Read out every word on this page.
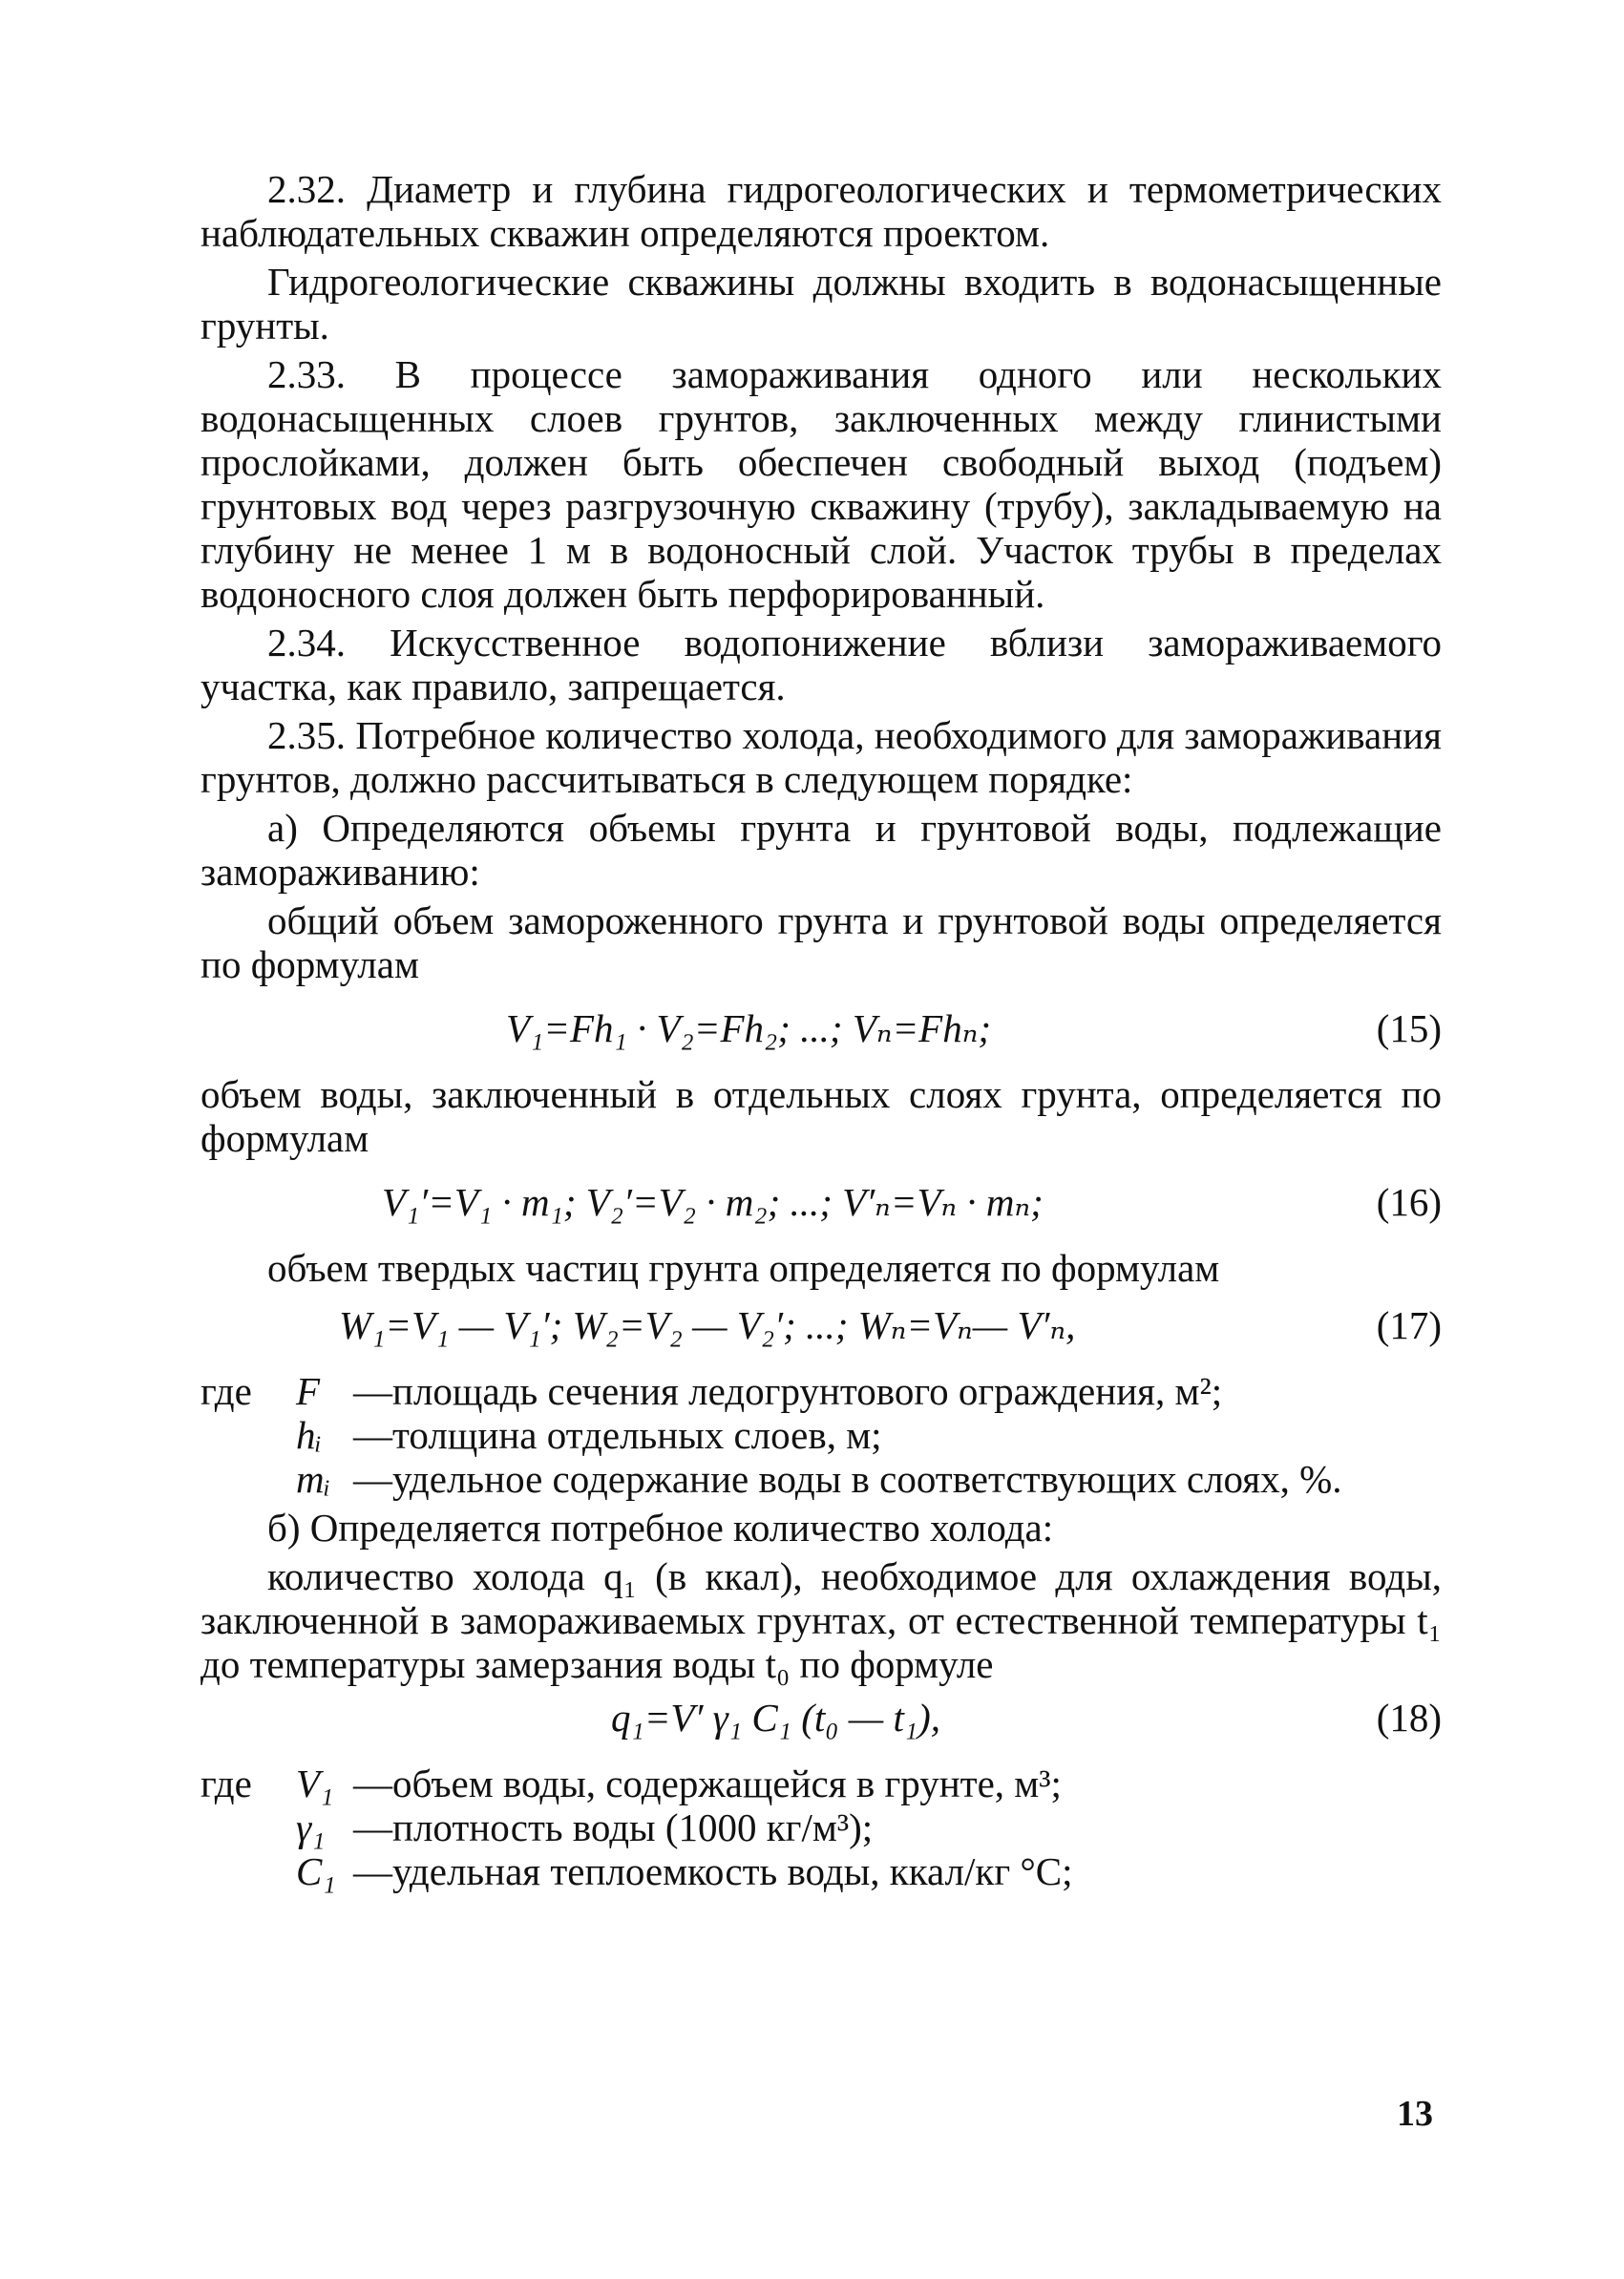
2.32. Диаметр и глубина гидрогеологических и термометрических наблюдательных скважин определяются проектом.

Гидрогеологические скважины должны входить в водонасыщенные грунты.

2.33. В процессе замораживания одного или нескольких водонасыщенных слоев грунтов, заключенных между глинистыми прослойками, должен быть обеспечен свободный выход (подъем) грунтовых вод через разгрузочную скважину (трубу), закладываемую на глубину не менее 1 м в водоносный слой. Участок трубы в пределах водоносного слоя должен быть перфорированный.

2.34. Искусственное водопонижение вблизи замораживаемого участка, как правило, запрещается.

2.35. Потребное количество холода, необходимого для замораживания грунтов, должно рассчитываться в следующем порядке:

а) Определяются объемы грунта и грунтовой воды, подлежащие замораживанию:

общий объем замороженного грунта и грунтовой воды определяется по формулам

V₁=Fh₁ · V₂=Fh₂; ...; Vₙ=Fhₙ;	(15)

объем воды, заключенный в отдельных слоях грунта, определяется по формулам

V₁′=V₁ · m₁; V₂′=V₂ · m₂; ...; V′ₙ=Vₙ · mₙ;	(16)

объем твердых частиц грунта определяется по формулам

W₁=V₁ — V₁′; W₂=V₂ — V₂′; ...; Wₙ=Vₙ— V′ₙ,	(17)
где F —площадь сечения ледогрунтового ограждения, м²;
hᵢ —толщина отдельных слоев, м;
mᵢ —удельное содержание воды в соответствующих слоях, %.

б) Определяется потребное количество холода:

количество холода q₁ (в ккал), необходимое для охлаждения воды, заключенной в замораживаемых грунтах, от естественной температуры t₁ до температуры замерзания воды t₀ по формуле

q₁=V′ γ₁ C₁ (t₀ — t₁),	(18)
где V₁ —объем воды, содержащейся в грунте, м³;
γ₁ —плотность воды (1000 кг/м³);
C₁ —удельная теплоемкость воды, ккал/кг °С;
13
